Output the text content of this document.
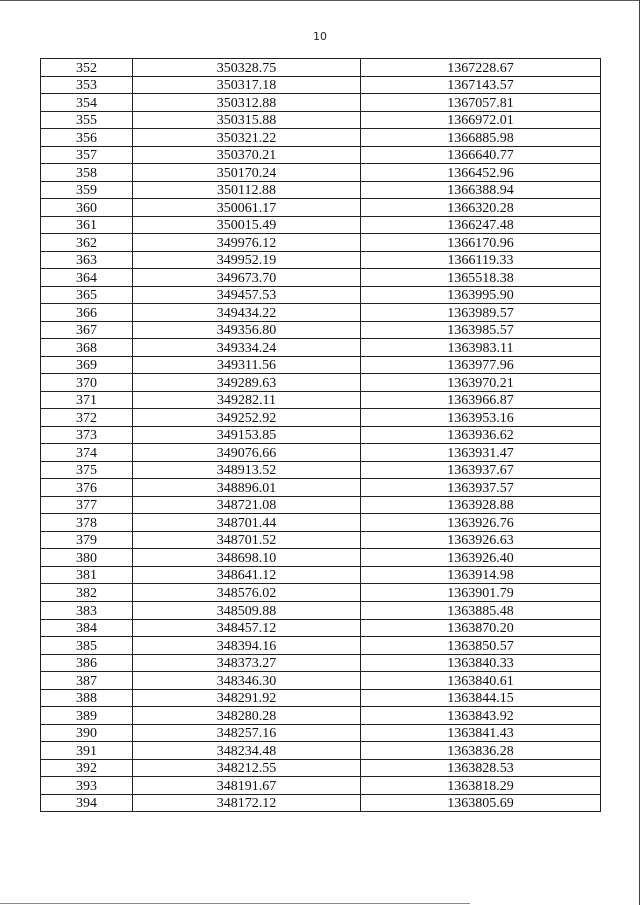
10
352	350328.75	1367228.67
353	350317.18	1367143.57
354	350312.88	1367057.81
355	350315.88	1366972.01
356	350321.22	1366885.98
357	350370.21	1366640.77
358	350170.24	1366452.96
359	350112.88	1366388.94
360	350061.17	1366320.28
361	350015.49	1366247.48
362	349976.12	1366170.96
363	349952.19	1366119.33
364	349673.70	1365518.38
365	349457.53	1363995.90
366	349434.22	1363989.57
367	349356.80	1363985.57
368	349334.24	1363983.11
369	349311.56	1363977.96
370	349289.63	1363970.21
371	349282.11	1363966.87
372	349252.92	1363953.16
373	349153.85	1363936.62
374	349076.66	1363931.47
375	348913.52	1363937.67
376	348896.01	1363937.57
377	348721.08	1363928.88
378	348701.44	1363926.76
379	348701.52	1363926.63
380	348698.10	1363926.40
381	348641.12	1363914.98
382	348576.02	1363901.79
383	348509.88	1363885.48
384	348457.12	1363870.20
385	348394.16	1363850.57
386	348373.27	1363840.33
387	348346.30	1363840.61
388	348291.92	1363844.15
389	348280.28	1363843.92
390	348257.16	1363841.43
391	348234.48	1363836.28
392	348212.55	1363828.53
393	348191.67	1363818.29
394	348172.12	1363805.69
